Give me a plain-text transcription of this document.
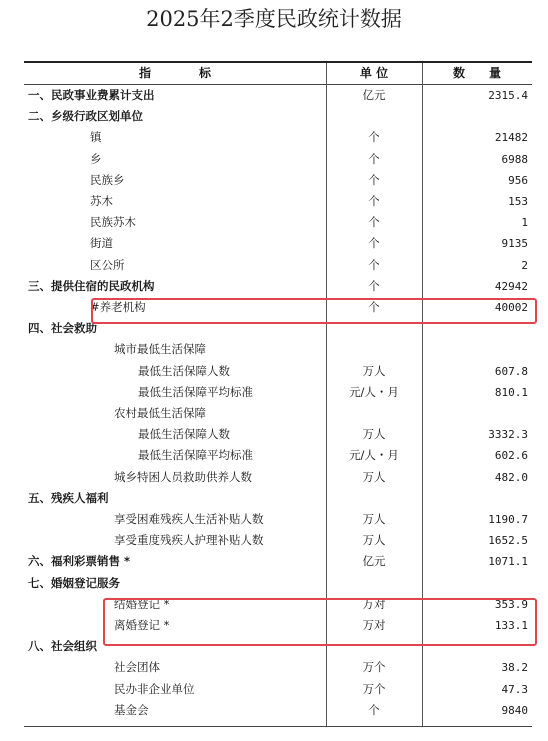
2025年2季度民政统计数据
指　　　　标	单 位	数　　量
一、民政事业费累计支出	亿元	2315.4
二、乡级行政区划单位
镇	个	21482
乡	个	6988
民族乡	个	956
苏木	个	153
民族苏木	个	1
街道	个	9135
区公所	个	2
三、提供住宿的民政机构	个	42942
#养老机构	个	40002
四、社会救助
城市最低生活保障
最低生活保障人数	万人	607.8
最低生活保障平均标准	元/人・月	810.1
农村最低生活保障
最低生活保障人数	万人	3332.3
最低生活保障平均标准	元/人・月	602.6
城乡特困人员救助供养人数	万人	482.0
五、残疾人福利
享受困难残疾人生活补贴人数	万人	1190.7
享受重度残疾人护理补贴人数	万人	1652.5
六、福利彩票销售 *	亿元	1071.1
七、婚姻登记服务
结婚登记 *	万对	353.9
离婚登记 *	万对	133.1
八、社会组织
社会团体	万个	38.2
民办非企业单位	万个	47.3
基金会	个	9840
